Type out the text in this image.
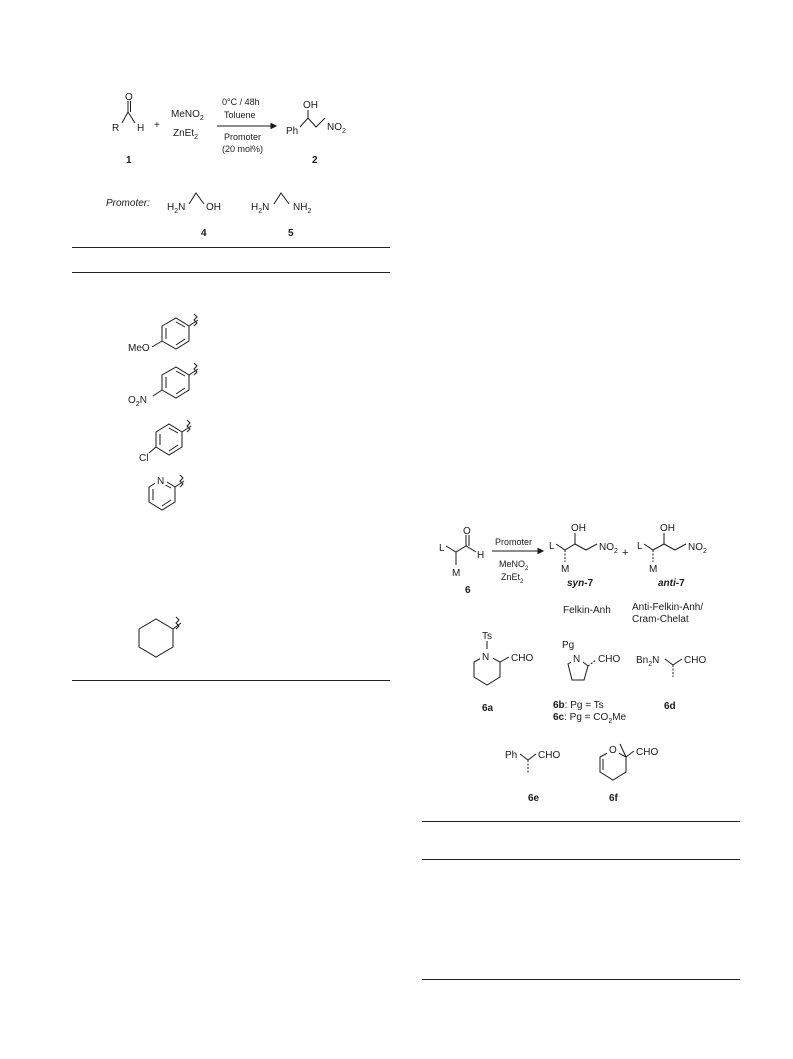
O
R H +
MeNO$_2$
ZnEt$_2$
0°C / 48h
Toluene
Promoter
(20 mol%)
Ph
OH
$NO_2$
1	2
Promoter: $H_2N$ OH	$H_2N$ $NH_2$
4	5
MeO
$O_2N$
Cl
N
L
O
H
M
6
Promoter
MeNO$_2$
ZnEt$_2$
L
OH
M
$NO_2$
syn-7
+
L
OH
M
$NO_2$
anti-7
Felkin-Anh Anti-Felkin-Anh/
Cram-Chelat
N
Ts
CHO
6a
N
Pg
CHO
6b: Pg = Ts
6c: $Pg = CO_2Me$
$Bn_2N$ CHO
6d
Ph CHO
6e
O CHO
6f
